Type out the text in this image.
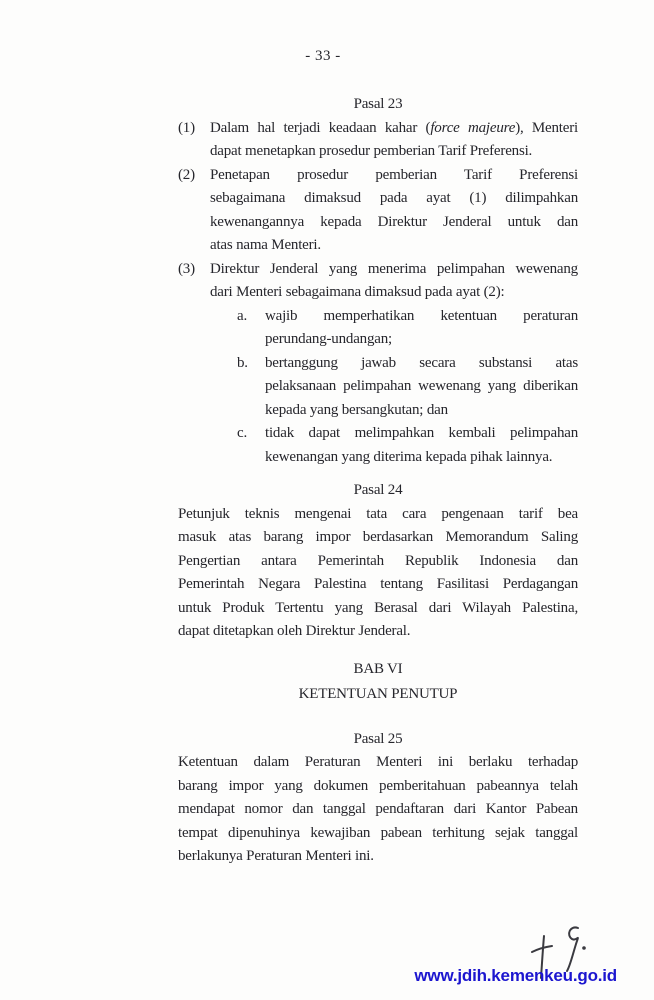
- 33 -
Pasal 23
(1)	Dalam hal terjadi keadaan kahar (force majeure), Menteri
dapat menetapkan prosedur pemberian Tarif Preferensi.
(2)	Penetapan prosedur pemberian Tarif Preferensi
sebagaimana dimaksud pada ayat (1) dilimpahkan
kewenangannya kepada Direktur Jenderal untuk dan
atas nama Menteri.
(3)	Direktur Jenderal yang menerima pelimpahan wewenang
dari Menteri sebagaimana dimaksud pada ayat (2):
a.	wajib memperhatikan ketentuan peraturan
perundang-undangan;
b.	bertanggung jawab secara substansi atas
pelaksanaan pelimpahan wewenang yang diberikan
kepada yang bersangkutan; dan
c.	tidak dapat melimpahkan kembali pelimpahan
kewenangan yang diterima kepada pihak lainnya.
Pasal 24
Petunjuk teknis mengenai tata cara pengenaan tarif bea
masuk atas barang impor berdasarkan Memorandum Saling
Pengertian antara Pemerintah Republik Indonesia dan
Pemerintah Negara Palestina tentang Fasilitasi Perdagangan
untuk Produk Tertentu yang Berasal dari Wilayah Palestina,
dapat ditetapkan oleh Direktur Jenderal.
BAB VI
KETENTUAN PENUTUP
Pasal 25
Ketentuan dalam Peraturan Menteri ini berlaku terhadap
barang impor yang dokumen pemberitahuan pabeannya telah
mendapat nomor dan tanggal pendaftaran dari Kantor Pabean
tempat dipenuhinya kewajiban pabean terhitung sejak tanggal
berlakunya Peraturan Menteri ini.
www.jdih.kemenkeu.go.id
